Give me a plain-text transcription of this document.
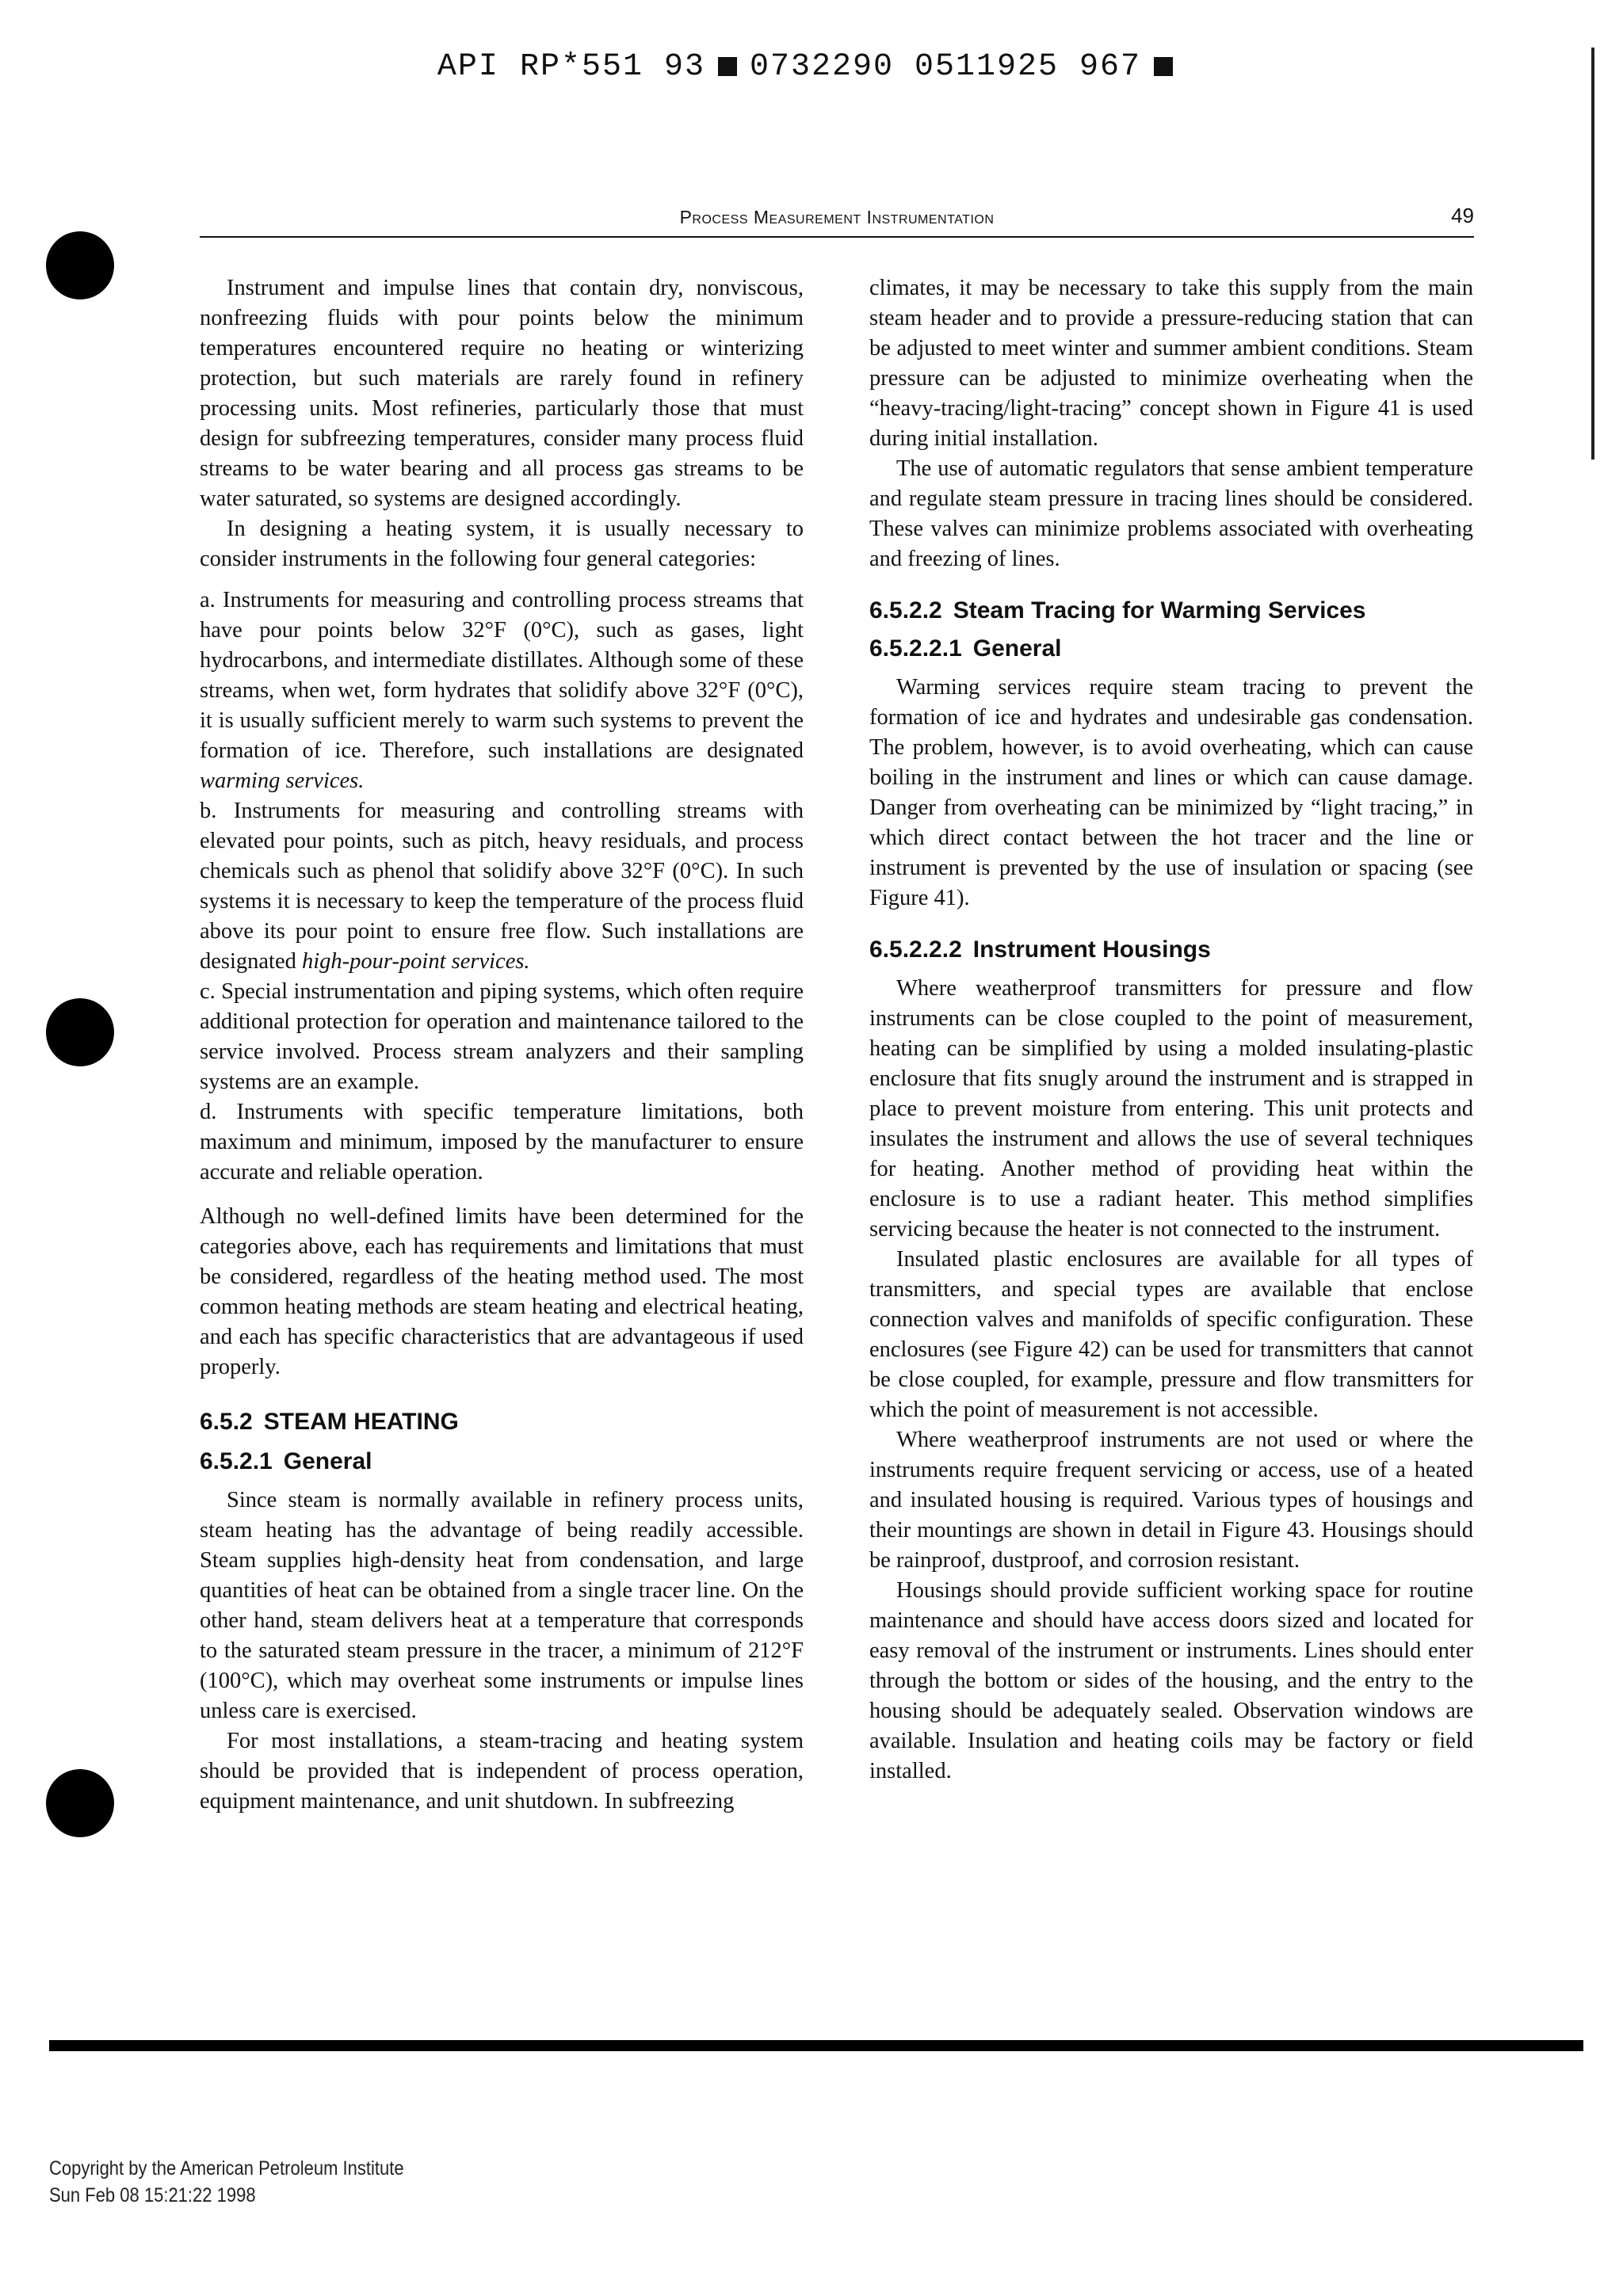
API RP*551 93 0732290 0511925 967
Process Measurement Instrumentation	49

Instrument and impulse lines that contain dry, nonviscous, nonfreezing fluids with pour points below the minimum temperatures encountered require no heating or winterizing protection, but such materials are rarely found in refinery processing units. Most refineries, particularly those that must design for subfreezing temperatures, consider many process fluid streams to be water bearing and all process gas streams to be water saturated, so systems are designed accordingly.

In designing a heating system, it is usually necessary to consider instruments in the following four general categories:

a. Instruments for measuring and controlling process streams that have pour points below 32°F (0°C), such as gases, light hydrocarbons, and intermediate distillates. Although some of these streams, when wet, form hydrates that solidify above 32°F (0°C), it is usually sufficient merely to warm such systems to prevent the formation of ice. Therefore, such installations are designated warming services.

b. Instruments for measuring and controlling streams with elevated pour points, such as pitch, heavy residuals, and process chemicals such as phenol that solidify above 32°F (0°C). In such systems it is necessary to keep the temperature of the process fluid above its pour point to ensure free flow. Such installations are designated high-pour-point services.

c. Special instrumentation and piping systems, which often require additional protection for operation and maintenance tailored to the service involved. Process stream analyzers and their sampling systems are an example.

d. Instruments with specific temperature limitations, both maximum and minimum, imposed by the manufacturer to ensure accurate and reliable operation.

Although no well-defined limits have been determined for the categories above, each has requirements and limitations that must be considered, regardless of the heating method used. The most common heating methods are steam heating and electrical heating, and each has specific characteristics that are advantageous if used properly.

6.5.2 STEAM HEATING
6.5.2.1 General

Since steam is normally available in refinery process units, steam heating has the advantage of being readily accessible. Steam supplies high-density heat from condensation, and large quantities of heat can be obtained from a single tracer line. On the other hand, steam delivers heat at a temperature that corresponds to the saturated steam pressure in the tracer, a minimum of 212°F (100°C), which may overheat some instruments or impulse lines unless care is exercised.

For most installations, a steam-tracing and heating system should be provided that is independent of process operation, equipment maintenance, and unit shutdown. In subfreezing

climates, it may be necessary to take this supply from the main steam header and to provide a pressure-reducing station that can be adjusted to meet winter and summer ambient conditions. Steam pressure can be adjusted to minimize overheating when the “heavy-tracing/light-tracing” concept shown in Figure 41 is used during initial installation.

The use of automatic regulators that sense ambient temperature and regulate steam pressure in tracing lines should be considered. These valves can minimize problems associated with overheating and freezing of lines.

6.5.2.2 Steam Tracing for Warming Services
6.5.2.2.1 General

Warming services require steam tracing to prevent the formation of ice and hydrates and undesirable gas condensation. The problem, however, is to avoid overheating, which can cause boiling in the instrument and lines or which can cause damage. Danger from overheating can be minimized by “light tracing,” in which direct contact between the hot tracer and the line or instrument is prevented by the use of insulation or spacing (see Figure 41).

6.5.2.2.2 Instrument Housings

Where weatherproof transmitters for pressure and flow instruments can be close coupled to the point of measurement, heating can be simplified by using a molded insulating-plastic enclosure that fits snugly around the instrument and is strapped in place to prevent moisture from entering. This unit protects and insulates the instrument and allows the use of several techniques for heating. Another method of providing heat within the enclosure is to use a radiant heater. This method simplifies servicing because the heater is not connected to the instrument.

Insulated plastic enclosures are available for all types of transmitters, and special types are available that enclose connection valves and manifolds of specific configuration. These enclosures (see Figure 42) can be used for transmitters that cannot be close coupled, for example, pressure and flow transmitters for which the point of measurement is not accessible.

Where weatherproof instruments are not used or where the instruments require frequent servicing or access, use of a heated and insulated housing is required. Various types of housings and their mountings are shown in detail in Figure 43. Housings should be rainproof, dustproof, and corrosion resistant.

Housings should provide sufficient working space for routine maintenance and should have access doors sized and located for easy removal of the instrument or instruments. Lines should enter through the bottom or sides of the housing, and the entry to the housing should be adequately sealed. Observation windows are available. Insulation and heating coils may be factory or field installed.

Copyright by the American Petroleum Institute
Sun Feb 08 15:21:22 1998
